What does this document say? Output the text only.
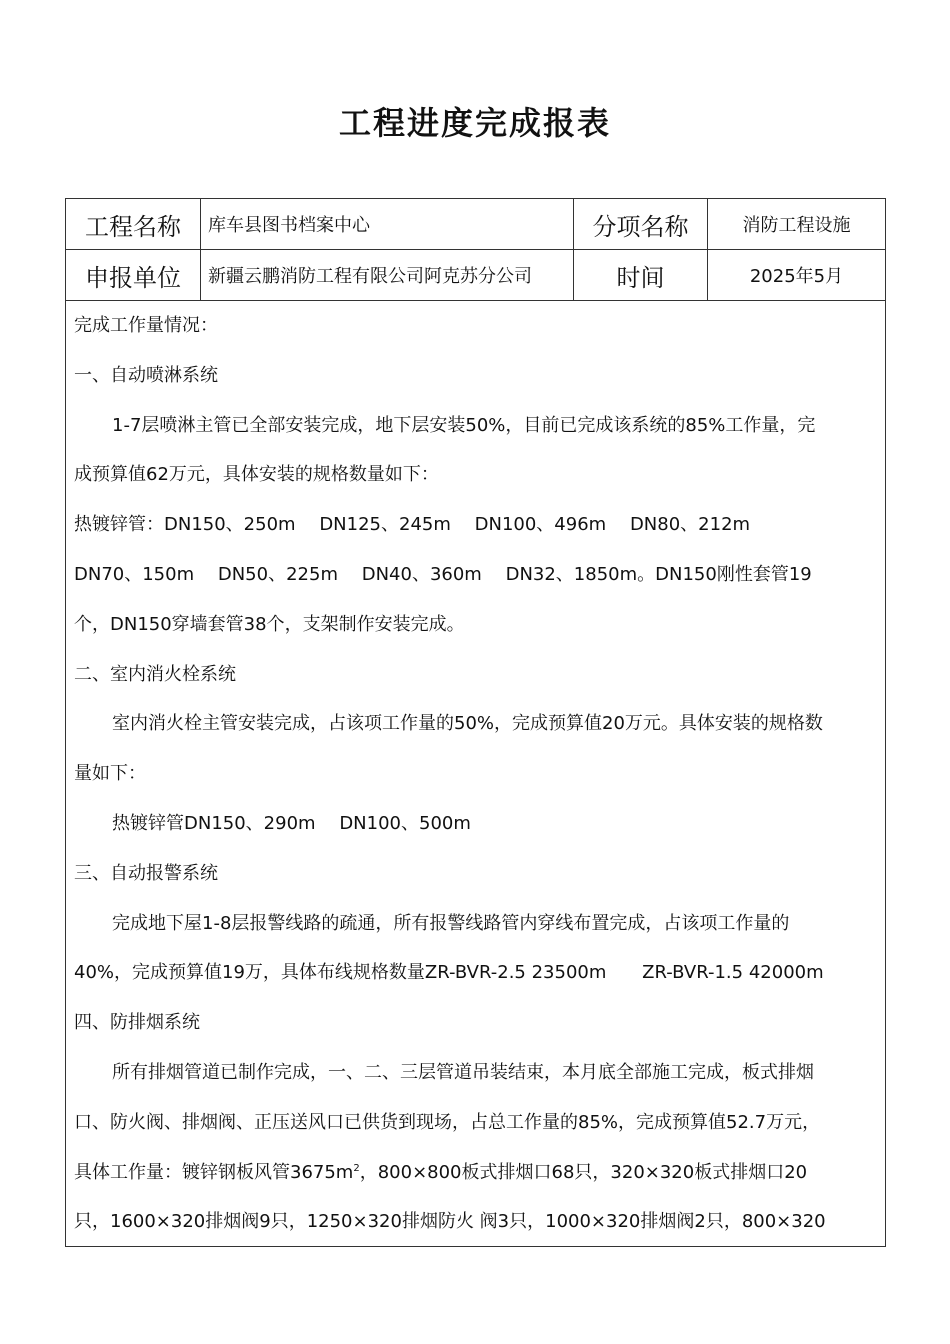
工程进度完成报表
工程名称	库车县图书档案中心	分项名称	消防工程设施
申报单位	新疆云鹏消防工程有限公司阿克苏分公司	时间	2025年5月

完成工作量情况：

一、自动喷淋系统

1-7层喷淋主管已全部安装完成，地下层安装50%，目前已完成该系统的85%工作量，完

成预算值62万元，具体安装的规格数量如下：

热镀锌管：DN150、250m DN125、245m DN100、496m DN80、212m

DN70、150m DN50、225m DN40、360m DN32、1850m。DN150刚性套管19

个，DN150穿墙套管38个，支架制作安装完成。

二、室内消火栓系统

室内消火栓主管安装完成，占该项工作量的50%，完成预算值20万元。具体安装的规格数

量如下：

热镀锌管DN150、290m DN100、500m

三、自动报警系统

完成地下屋1-8层报警线路的疏通，所有报警线路管内穿线布置完成，占该项工作量的

40%，完成预算值19万，具体布线规格数量ZR-BVR-2.5 23500m ZR-BVR-1.5 42000m

四、防排烟系统

所有排烟管道已制作完成，一、二、三层管道吊装结束，本月底全部施工完成，板式排烟

口、防火阀、排烟阀、正压送风口已供货到现场，占总工作量的85%，完成预算值52.7万元，

具体工作量：镀锌钢板风管$3675m^2$，800×800板式排烟口68只，320×320板式排烟口20

只，1600×320排烟阀9只，1250×320排烟防火 阀3只，1000×320排烟阀2只，800×320
